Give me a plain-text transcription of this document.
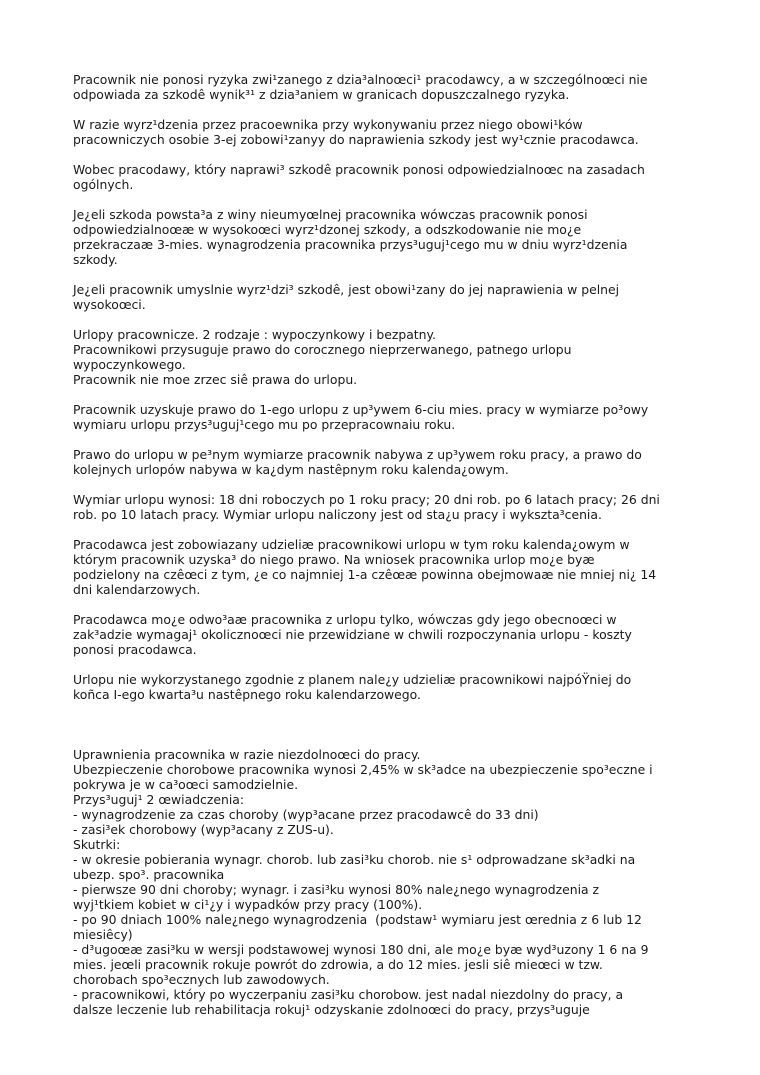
Pracownik nie ponosi ryzyka zwi¹zanego z dzia³alnoœci¹ pracodawcy, a w szczególnoœci nie
odpowiada za szkodê wynik³¹ z dzia³aniem w granicach dopuszczalnego ryzyka.
W razie wyrz¹dzenia przez pracoewnika przy wykonywaniu przez niego obowi¹ków
pracowniczych osobie 3-ej zobowi¹zanyy do naprawienia szkody jest wy¹cznie pracodawca.
Wobec pracodawy, który naprawi³ szkodê pracownik ponosi odpowiedzialnoœc na zasadach
ogólnych.
Je¿eli szkoda powsta³a z winy nieumyœlnej pracownika wówczas pracownik ponosi
odpowiedzialnoœæ w wysokoœci wyrz¹dzonej szkody, a odszkodowanie nie mo¿e
przekraczaæ 3-mies. wynagrodzenia pracownika przys³uguj¹cego mu w dniu wyrz¹dzenia
szkody.
Je¿eli pracownik umyslnie wyrz¹dzi³ szkodê, jest obowi¹zany do jej naprawienia w pelnej
wysokoœci.
Urlopy pracownicze. 2 rodzaje : wypoczynkowy i bezpatny.
Pracownikowi przysuguje prawo do corocznego nieprzerwanego, patnego urlopu
wypoczynkowego.
Pracownik nie moe zrzec siê prawa do urlopu.
Pracownik uzyskuje prawo do 1-ego urlopu z up³ywem 6-ciu mies. pracy w wymiarze po³owy
wymiaru urlopu przys³uguj¹cego mu po przepracownaiu roku.
Prawo do urlopu w pe³nym wymiarze pracownik nabywa z up³ywem roku pracy, a prawo do
kolejnych urlopów nabywa w ka¿dym nastêpnym roku kalenda¿owym.
Wymiar urlopu wynosi: 18 dni roboczych po 1 roku pracy; 20 dni rob. po 6 latach pracy; 26 dni
rob. po 10 latach pracy. Wymiar urlopu naliczony jest od sta¿u pracy i wyksztа³cenia.
Pracodawca jest zobowiazany udzieliæ pracownikowi urlopu w tym roku kalenda¿owym w
którym pracownik uzyska³ do niego prawo. Na wniosek pracownika urlop mo¿e byæ
podzielony na czêœci z tym, ¿e co najmniej 1-a czêœæ powinna obejmowaæ nie mniej ni¿ 14
dni kalendarzowych.
Pracodawca mo¿e odwo³aæ pracownika z urlopu tylko, wówczas gdy jego obecnoœci w
zak³adzie wymagaj¹ okolicznoœci nie przewidziane w chwili rozpoczynania urlopu - koszty
ponosi pracodawca.
Urlopu nie wykorzystanego zgodnie z planem nale¿y udzieliæ pracownikowi najpóŸniej do
koñca I-ego kwarta³u nastêpnego roku kalendarzowego.
Uprawnienia pracownika w razie niezdolnoœci do pracy.
Ubezpieczenie chorobowe pracownika wynosi 2,45% w sk³adce na ubezpieczenie spo³eczne i
pokrywa je w ca³oœci samodzielnie.
Przys³uguj¹ 2 œwiadczenia:
- wynagrodzenie za czas choroby (wyp³acane przez pracodawcê do 33 dni)
- zasi³ek chorobowy (wyp³acany z ZUS-u).
Skutrki:
- w okresie pobierania wynagr. chorob. lub zasi³ku chorob. nie s¹ odprowadzane sk³adki na
ubezp. spo³. pracownika
- pierwsze 90 dni choroby; wynagr. i zasi³ku wynosi 80% nale¿nego wynagrodzenia z
wyj¹tkiem kobiet w ci¹¿y i wypadków przy pracy (100%).
- po 90 dniach 100% nale¿nego wynagrodzenia  (podstaw¹ wymiaru jest œrednia z 6 lub 12
miesiêcy)
- d³ugoœæ zasi³ku w wersji podstawowej wynosi 180 dni, ale mo¿e byæ wyd³uzony 1 6 na 9
mies. jeœli pracownik rokuje powrót do zdrowia, a do 12 mies. jesli siê mieœci w tzw.
chorobach spo³ecznych lub zawodowych.
- pracownikowi, który po wyczerpaniu zasi³ku chorobow. jest nadal niezdolny do pracy, a
dalsze leczenie lub rehabilitacja rokuj¹ odzyskanie zdolnoœci do pracy, przys³uguje
